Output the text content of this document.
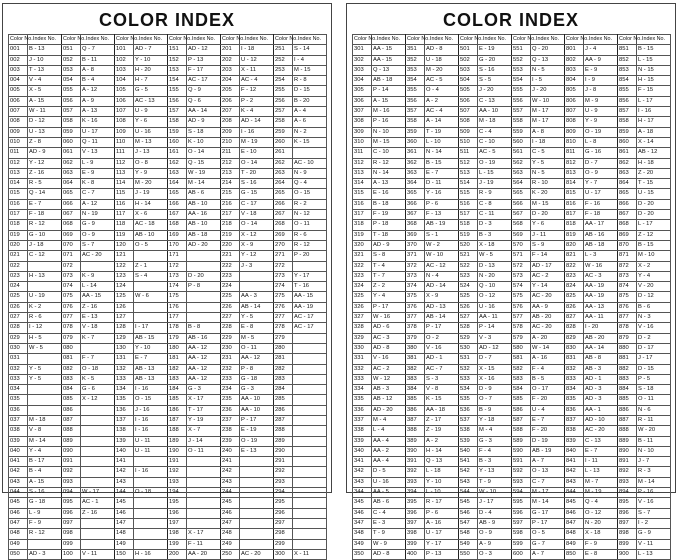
COLOR INDEX
Color No.	Index No.	Color No.	Index No.	Color No.	Index No.	Color No.	Index No.	Color No.	Index No.	Color No.	Index No.
001	B - 13	051	Q - 7	101	AD - 7	151	AD - 12	201	I - 18	251	S - 14
002	J - 10	052	B - 11	102	Y - 10	152	P - 13	202	U - 12	252	I - 4
003	T - 13	053	A - 8	103	H - 20	153	F - 17	203	X - 11	253	M - 15
004	V - 4	054	B - 4	104	H - 7	154	AC - 17	204	AC - 4	254	R - 8
005	X - 5	055	A - 12	105	G - 5	155	Q - 9	205	F - 12	255	D - 15
006	A - 15	056	A - 9	106	AC - 13	156	Q - 6	206	P - 2	256	B - 20
007	W - 11	057	A - 13	107	U - 9	157	AA - 14	207	K - 4	257	A - 4
008	D - 12	058	K - 16	108	Y - 6	158	AD - 9	208	AD - 14	258	A - 6
009	U - 13	059	U - 17	109	U - 16	159	S - 18	209	I - 16	259	N - 2
010	Z - 8	060	Q - 11	110	M - 13	160	K - 10	210	M - 19	260	K - 15
011	AD - 9	061	V - 13	111	J - 13	161	O - 14	211	E - 10	261	
012	Y - 12	062	L - 9	112	O - 8	162	Q - 15	212	O - 14	262	AC - 10
013	Z - 16	063	E - 9	113	Y - 9	163	W - 19	213	T - 20	263	N - 9
014	R - 5	064	K - 8	114	M - 20	164	M - 14	214	S - 16	264	Q - 4
015	Q - 14	065	C - 7	115	J - 19	165	AB - 6	215	G - 15	265	O - 15
016	E - 7	066	A - 12	116	H - 14	166	AB - 10	216	C - 17	266	R - 2
017	F - 18	067	N - 19	117	X - 6	167	AA - 16	217	V - 18	267	N - 12
018	R - 12	068	G - 9	118	AC - 18	168	AB - 10	218	O - 14	268	O - 11
019	G - 10	069	O - 9	119	AB - 10	169	AB - 18	219	X - 12	269	R - 6
020	J - 18	070	S - 7	120	O - 5	170	AD - 20	220	X - 9	270	R - 12
021	C - 12	071	AC - 20	121		171		221	Y - 12	271	P - 20
022		072		122	Z - 1	172		222	J - 3	272	
023	H - 13	073	K - 9	123	S - 4	173	D - 20	223		273	Y - 17
024		074	L - 14	124		174	P - 8	224		274	T - 16
025	U - 19	075	AA - 15	125	W - 6	175		225	AA - 3	275	AA - 15
026	K - 2	076	Z - 16	126		176		226	AB - 14	276	AA - 19
027	R - 6	077	E - 13	127		177		227	Y - 5	277	AC - 17
028	I - 12	078	V - 18	128	I - 17	178	B - 8	228	E - 8	278	AC - 17
029	H - 5	079	K - 7	129	AB - 15	179	AB - 16	229	M - 5	279	
030	W - 5	080		130	Y - 10	180	AA - 12	230	O - 11	280	
031		081	F - 7	131	E - 7	181	AA - 12	231	AA - 12	281	
032	Y - 5	082	O - 18	132	AB - 13	182	AA - 12	232	P - 8	282	
033	Y - 5	083	K - 5	133	AB - 13	183	AA - 12	233	G - 18	283	
034		084	G - 6	134	I - 16	184	G - 3	234	G - 3	284	
035		085	X - 12	135	O - 15	185	X - 17	235	AA - 10	285	
036		086		136	J - 16	186	T - 17	236	AA - 10	286	
037	M - 18	087		137	I - 16	187	Y - 19	237	P - 17	287	
038	V - 8	088		138	I - 16	188	X - 7	238	E - 19	288	
039	M - 14	089		139	U - 11	189	J - 14	239	O - 19	289	
040	Y - 4	090		140	U - 11	190	O - 11	240	E - 13	290	
041	B - 17	091		141		191		241		291	
042	B - 4	092		142	I - 16	192		242		292	
043	A - 15	093		143		193		243		293	
044	S - 16	094	W - 17	144	O - 18	194		244		294	
045	G - 18	095	AC - 1	145		195		245		295	
046	L - 9	096	Z - 16	146		196		246		296	
047	F - 9	097		147		197		247		297	
048	R - 12	098		148		198	X - 17	248		298	
049		099		149		199	F - 11	249		299	
050	AD - 3	100	V - 11	150	H - 16	200	AA - 20	250	AC - 20	300	X - 11
COLOR INDEX
Color No.	Index No.	Color No.	Index No.	Color No.	Index No.	Color No.	Index No.	Color No.	Index No.	Color No.	Index No.	
301	AA - 15	351	AD - 8	501	E - 19	551	Q - 20	801	J - 4	851	B - 15		
302	AA - 15	352	U - 18	502	G - 20	552	Q - 13	802	AA - 9	852	L - 15		
303	Q - 13	353	M - 20	503	S - 16	553	N - 5	803	E - 9	853	N - 15		
304	AB - 18	354	AC - 5	504	S - 5	554	I - 5	804	I - 9	854	H - 15		
305	P - 14	355	O - 4	505	J - 20	555	J - 20	805	J - 8	855	F - 15		
306	A - 15	356	A - 2	506	C - 13	556	W - 10	806	M - 9	856	L - 17		
307	M - 16	357	AC - 4	507	AA - 10	557	M - 17	807	U - 9	857	I - 16		
308	P - 16	358	A - 14	508	M - 18	558	M - 17	808	Y - 9	858	H - 17		
309	N - 10	359	T - 19	509	C - 4	559	A - 8	809	O - 19	859	A - 18		
310	M - 15	360	L - 10	510	C - 10	560	I - 18	810	L - 8	860	X - 14		
311	C - 10	361	N - 14	511	AC - 5	561	C - 5	811	G - 16	861	AB - 12		
312	R - 12	362	B - 15	512	O - 19	562	Y - 5	812	D - 7	862	H - 18		
313	N - 14	363	E - 7	513	L - 15	563	N - 5	813	O - 9	863	Z - 20		
314	A - 13	364	D - 11	514	J - 19	564	R - 10	814	Y - 7	864	T - 15		
315	E - 16	365	Y - 16	515	R - 9	565	K - 20	815	U - 17	865	U - 15		
316	B - 18	366	P - 6	516	C - 8	566	M - 15	816	F - 16	866	D - 20		
317	F - 19	367	F - 13	517	C - 11	567	D - 20	817	F - 18	867	D - 20		
318	P - 18	368	AB - 19	518	D - 3	568	Y - 6	818	AA - 17	868	L - 17		
319	T - 18	369	S - 1	519	B - 3	569	J - 11	819	AB - 16	869	Z - 12		
320	AD - 9	370	W - 2	520	X - 18	570	S - 9	820	AB - 18	870	B - 15		
321	S - 8	371	W - 10	521	W - 5	571	F - 14	821	L - 3	871	M - 10		
322	T - 4	372	AC - 12	522	D - 13	572	AD - 17	822	W - 16	872	X - 2		
323	T - 7	373	N - 4	523	N - 20	573	AC - 2	823	AC - 3	873	Y - 4		
324	Z - 2	374	AD - 14	524	Q - 10	574	Y - 14	824	AA - 19	874	V - 20		
325	Y - 4	375	X - 9	525	O - 12	575	AC - 20	825	AA - 19	875	D - 12		
326	P - 17	376	AD - 13	526	U - 16	576	AA - 9	826	AA - 13	876	B - 6		
327	W - 16	377	AB - 14	527	AA - 11	577	AB - 20	827	AA - 11	877	N - 3		
328	AD - 6	378	P - 17	528	P - 14	578	AC - 20	828	I - 20	878	V - 16		
329	AC - 3	379	O - 2	529	V - 3	579	A - 20	829	AB - 20	879	D - 2		
330	AD - 8	380	V - 16	530	AD - 12	580	W - 14	830	AA - 14	880	D - 17		
331	V - 16	381	AD - 1	531	D - 7	581	A - 16	831	AB - 8	881	J - 17		
332	AC - 2	382	AC - 7	532	X - 15	582	F - 4	832	AB - 3	882	D - 15		
333	W - 12	383	S - 3	533	X - 16	583	B - 5	833	AD - 1	883	P - 5		
334	AB - 3	384	V - 8	534	D - 9	584	O - 17	834	AD - 3	884	S - 18		
335	AB - 12	385	K - 15	535	O - 7	585	F - 20	835	AD - 3	885	O - 11		
336	AD - 20	386	AA - 18	536	B - 9	586	U - 4	836	AA - 1	886	N - 6		
337	M - 4	387	Z - 17	537	Y - 18	587	E - 7	837	AD - 10	887	R - 11		
338	L - 4	388	Z - 19	538	M - 4	588	F - 20	838	AC - 20	888	W - 20		
339	AA - 4	389	A - 2	539	G - 3	589	D - 19	839	C - 13	889	B - 11		
340	AA - 2	390	H - 14	540	F - 4	590	AB - 19	840	E - 7	890	N - 10		
341	AA - 4	391	Q - 13	541	B - 3	591	A - 7	841	I - 11	891	J - 7		
342	D - 5	392	L - 18	542	Y - 13	592	O - 13	842	L - 13	892	R - 3		
343	U - 16	393	Y - 10	543	T - 9	593	C - 7	843	M - 7	893	M - 14		
344	AA - 5	394	L - 10	544	W - 10	594	M - 17	844	M - 19	894	P - 16		
345	AB - 6	395	R - 17	545	J - 17	595	M - 14	845	Q - 4	895	V - 16		
346	C - 4	396	P - 6	546	D - 4	596	G - 17	846	O - 12	896	S - 7		
347	E - 3	397	A - 16	547	AB - 9	597	P - 17	847	N - 20	897	I - 2		
348	T - 9	398	U - 17	548	O - 9	598	O - 5	848	X - 18	898	G - 9		
349	W - 9	399	Y - 17	549	A - 9	599	G - 7	849	F - 9	899	V - 11		
350	AD - 8	400	P - 13	550	O - 3	600	A - 7	850	E - 8	900	L - 13		
